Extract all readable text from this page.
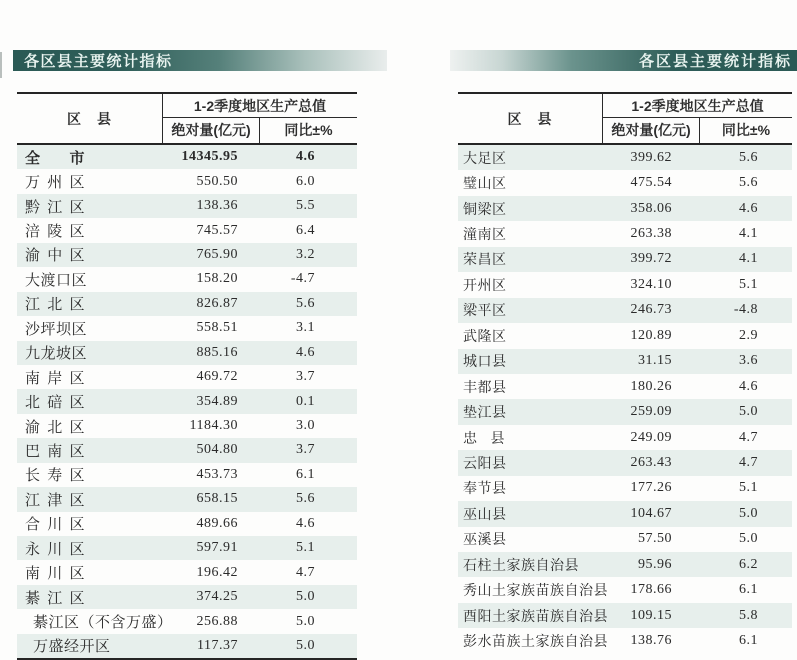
各区县主要统计指标
区　县
1-2季度地区生产总值
绝对量(亿元)	同比±%
全市	14345.95	4.6
万州区	550.50	6.0
黔江区	138.36	5.5
涪陵区	745.57	6.4
渝中区	765.90	3.2
大渡口区	158.20	-4.7
江北区	826.87	5.6
沙坪坝区	558.51	3.1
九龙坡区	885.16	4.6
南岸区	469.72	3.7
北碚区	354.89	0.1
渝北区	1184.30	3.0
巴南区	504.80	3.7
长寿区	453.73	6.1
江津区	658.15	5.6
合川区	489.66	4.6
永川区	597.91	5.1
南川区	196.42	4.7
綦江区	374.25	5.0
綦江区（不含万盛）	256.88	5.0
万盛经开区	117.37	5.0
各区县主要统计指标
区　县
1-2季度地区生产总值
绝对量(亿元)	同比±%
大足区	399.62	5.6
璧山区	475.54	5.6
铜梁区	358.06	4.6
潼南区	263.38	4.1
荣昌区	399.72	4.1
开州区	324.10	5.1
梁平区	246.73	-4.8
武隆区	120.89	2.9
城口县	31.15	3.6
丰都县	180.26	4.6
垫江县	259.09	5.0
忠县	249.09	4.7
云阳县	263.43	4.7
奉节县	177.26	5.1
巫山县	104.67	5.0
巫溪县	57.50	5.0
石柱土家族自治县	95.96	6.2
秀山土家族苗族自治县	178.66	6.1
酉阳土家族苗族自治县	109.15	5.8
彭水苗族土家族自治县	138.76	6.1
